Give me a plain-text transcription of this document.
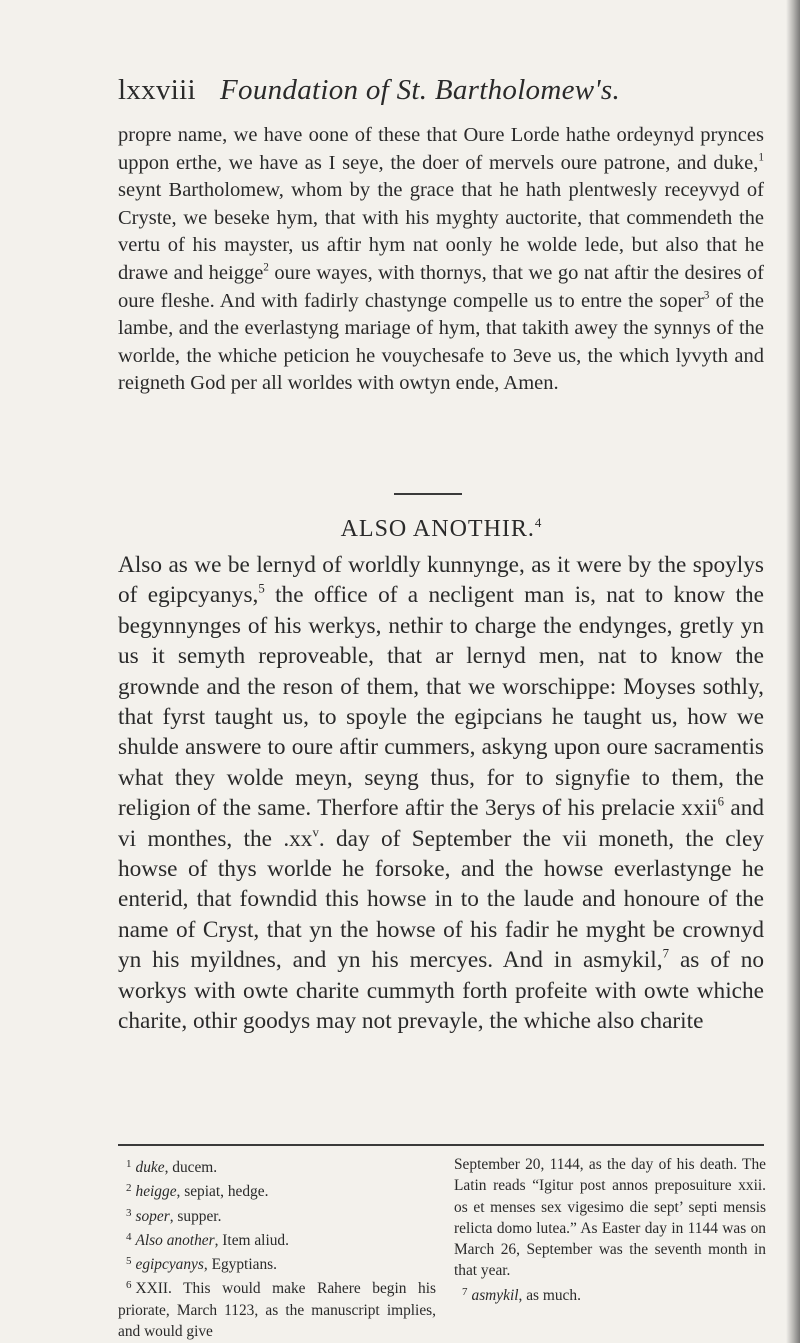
lxxviii Foundation of St. Bartholomew's.

propre name, we have oone of these that Oure Lorde hathe ordeynyd prynces uppon erthe, we have as I seye, the doer of mervels oure patrone, and duke,$^1$ seynt Bartholomew, whom by the grace that he hath plentwesly receyvyd of Cryste, we beseke hym, that with his myghty auctorite, that commendeth the vertu of his mayster, us aftir hym nat oonly he wolde lede, but also that he drawe and heigge$^2$ oure wayes, with thornys, that we go nat aftir the desires of oure fleshe. And with fadirly chastynge compelle us to entre the soper$^3$ of the lambe, and the everlastyng mariage of hym, that takith awey the synnys of the worlde, the whiche peticion he vouychesafe to 3eve us, the which lyvyth and reigneth God per all worldes with owtyn ende, Amen.

ALSO ANOTHIR.$^4$

Also as we be lernyd of worldly kunnynge, as it were by the spoylys of egipcyanys,$^5$ the office of a necligent man is, nat to know the begynnynges of his werkys, nethir to charge the endynges, gretly yn us it semyth reproveable, that ar lernyd men, nat to know the grownde and the reson of them, that we worschippe: Moyses sothly, that fyrst taught us, to spoyle the egipcians he taught us, how we shulde answere to oure aftir cummers, askyng upon oure sacramentis what they wolde meyn, seyng thus, for to signyfie to them, the religion of the same. Therfore aftir the 3erys of his prelacie xxii$^6$ and vi monthes, the $.xx^v$. day of September the vii moneth, the cley howse of thys worlde he forsoke, and the howse everlastynge he enterid, that fowndid this howse in to the laude and honoure of the name of Cryst, that yn the howse of his fadir he myght be crownyd yn his myildnes, and yn his mercyes. And in asmykil,$^7$ as of no workys with owte charite cummyth forth profeite with owte whiche charite, othir goodys may not prevayle, the whiche also charite

$^1$ duke, ducem.

$^2$ heigge, sepiat, hedge.

$^3$ soper, supper.

$^4$ Also another, Item aliud.

$^5$ egipcyanys, Egyptians.

$^6$ XXII. This would make Rahere begin his priorate, March 1123, as the manuscript implies, and would give

September 20, 1144, as the day of his death. The Latin reads “Igitur post annos preposuiture xxii. os et menses sex vigesimo die sept’ septi mensis relicta domo lutea.” As Easter day in 1144 was on March 26, September was the seventh month in that year.

$^7$ asmykil, as much.
